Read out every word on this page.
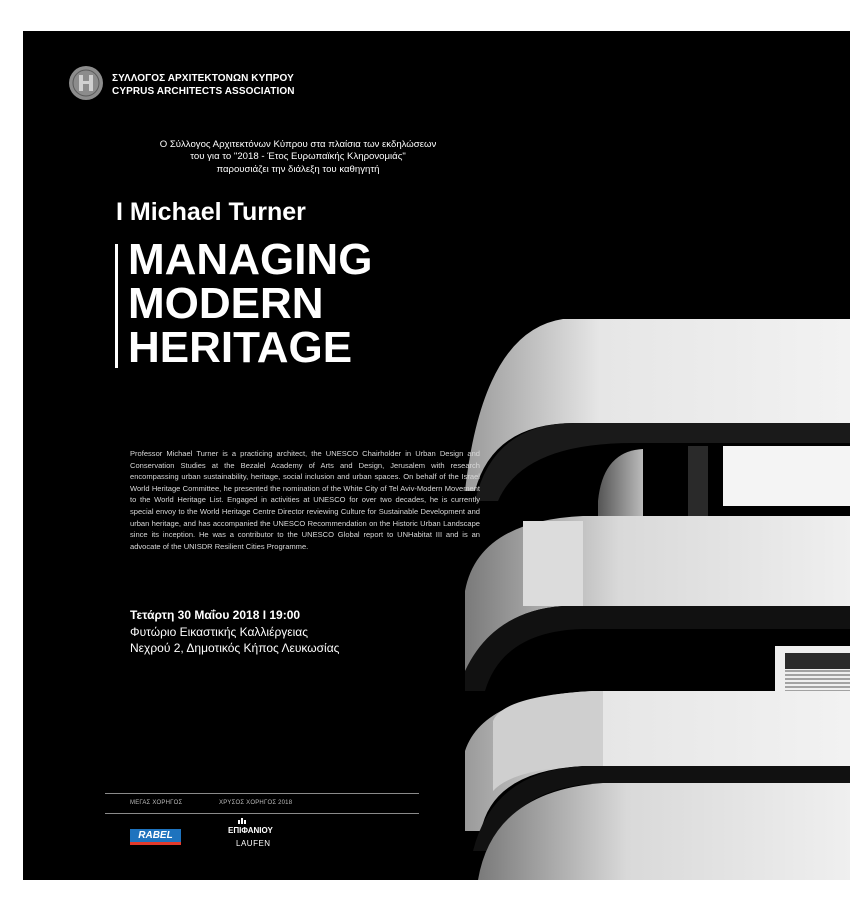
ΣΥΛΛΟΓΟΣ ΑΡΧΙΤΕΚΤΟΝΩΝ ΚΥΠΡΟΥ
CYPRUS ARCHITECTS ASSOCIATION
Ο Σύλλογος Αρχιτεκτόνων Κύπρου στα πλαίσια των εκδηλώσεων
του για το "2018 - Έτος Ευρωπαϊκής Κληρονομιάς"
παρουσιάζει την διάλεξη του καθηγητή
I Michael Turner
MANAGING
MODERN
HERITAGE
Professor Michael Turner is a practicing architect, the UNESCO Chairholder in Urban Design and Conservation Studies at the Bezalel Academy of Arts and Design, Jerusalem with research encompassing urban sustainability, heritage, social inclusion and urban spaces. On behalf of the Israel World Heritage Committee, he presented the nomination of the White City of Tel Aviv-Modern Movement to the World Heritage List. Engaged in activities at UNESCO for over two decades, he is currently special envoy to the World Heritage Centre Director reviewing Culture for Sustainable Development and urban heritage, and has accompanied the UNESCO Recommendation on the Historic Urban Landscape since its inception. He was a contributor to the UNESCO Global report to UNHabitat III and is an advocate of the UNISDR Resilient Cities Programme.
Τετάρτη 30 Μαΐου 2018 I 19:00
Φυτώριο Εικαστικής Καλλιέργειας
Νεχρού 2, Δημοτικός Κήπος Λευκωσίας
ΜΕΓΑΣ ΧΟΡΗΓΟΣ	ΧΡΥΣΟΣ ΧΟΡΗΓΟΣ 2018
RABEL	ΕΠΙΦΑΝΙΟΥ
LAUFEN
